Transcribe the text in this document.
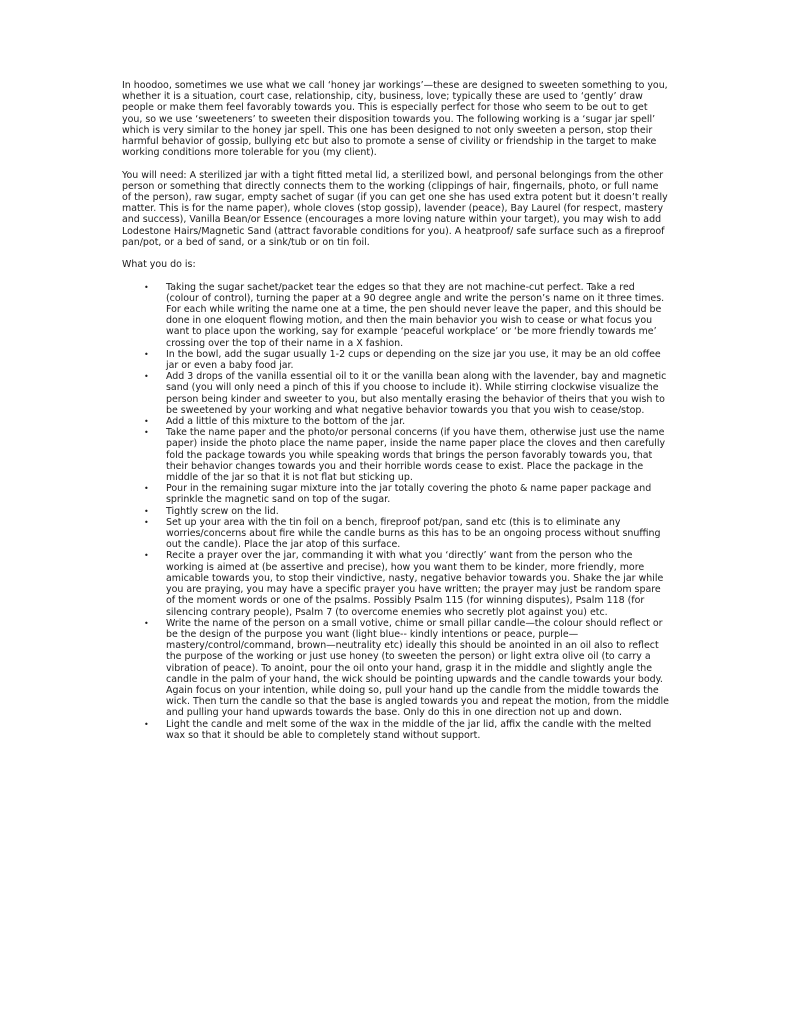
In hoodoo, sometimes we use what we call ‘honey jar workings’—these are designed to sweeten something to you, whether it is a situation, court case, relationship, city, business, love; typically these are used to ‘gently’ draw people or make them feel favorably towards you. This is especially perfect for those who seem to be out to get you, so we use ‘sweeteners’ to sweeten their disposition towards you. The following working is a ‘sugar jar spell’ which is very similar to the honey jar spell. This one has been designed to not only sweeten a person, stop their harmful behavior of gossip, bullying etc but also to promote a sense of civility or friendship in the target to make working conditions more tolerable for you (my client).

You will need: A sterilized jar with a tight fitted metal lid, a sterilized bowl, and personal belongings from the other person or something that directly connects them to the working (clippings of hair, fingernails, photo, or full name of the person), raw sugar, empty sachet of sugar (if you can get one she has used extra potent but it doesn’t really matter. This is for the name paper), whole cloves (stop gossip), lavender (peace), Bay Laurel (for respect, mastery and success), Vanilla Bean/or Essence (encourages a more loving nature within your target), you may wish to add Lodestone Hairs/Magnetic Sand (attract favorable conditions for you). A heatproof/ safe surface such as a fireproof pan/pot, or a bed of sand, or a sink/tub or on tin foil.

What you do is:

• Taking the sugar sachet/packet tear the edges so that they are not machine-cut perfect. Take a red (colour of control), turning the paper at a 90 degree angle and write the person’s name on it three times. For each while writing the name one at a time, the pen should never leave the paper, and this should be done in one eloquent flowing motion, and then the main behavior you wish to cease or what focus you want to place upon the working, say for example ‘peaceful workplace’ or ‘be more friendly towards me’ crossing over the top of their name in a X fashion.
• In the bowl, add the sugar usually 1-2 cups or depending on the size jar you use, it may be an old coffee jar or even a baby food jar.
• Add 3 drops of the vanilla essential oil to it or the vanilla bean along with the lavender, bay and magnetic sand (you will only need a pinch of this if you choose to include it). While stirring clockwise visualize the person being kinder and sweeter to you, but also mentally erasing the behavior of theirs that you wish to be sweetened by your working and what negative behavior towards you that you wish to cease/stop.
• Add a little of this mixture to the bottom of the jar.
• Take the name paper and the photo/or personal concerns (if you have them, otherwise just use the name paper) inside the photo place the name paper, inside the name paper place the cloves and then carefully fold the package towards you while speaking words that brings the person favorably towards you, that their behavior changes towards you and their horrible words cease to exist. Place the package in the middle of the jar so that it is not flat but sticking up.
• Pour in the remaining sugar mixture into the jar totally covering the photo & name paper package and sprinkle the magnetic sand on top of the sugar.
• Tightly screw on the lid.
• Set up your area with the tin foil on a bench, fireproof pot/pan, sand etc (this is to eliminate any worries/concerns about fire while the candle burns as this has to be an ongoing process without snuffing out the candle). Place the jar atop of this surface.
• Recite a prayer over the jar, commanding it with what you ‘directly’ want from the person who the working is aimed at (be assertive and precise), how you want them to be kinder, more friendly, more amicable towards you, to stop their vindictive, nasty, negative behavior towards you. Shake the jar while you are praying, you may have a specific prayer you have written; the prayer may just be random spare of the moment words or one of the psalms. Possibly Psalm 115 (for winning disputes), Psalm 118 (for silencing contrary people), Psalm 7 (to overcome enemies who secretly plot against you) etc.
• Write the name of the person on a small votive, chime or small pillar candle—the colour should reflect or be the design of the purpose you want (light blue-- kindly intentions or peace, purple—mastery/control/command, brown—neutrality etc) ideally this should be anointed in an oil also to reflect the purpose of the working or just use honey (to sweeten the person) or light extra olive oil (to carry a vibration of peace). To anoint, pour the oil onto your hand, grasp it in the middle and slightly angle the candle in the palm of your hand, the wick should be pointing upwards and the candle towards your body. Again focus on your intention, while doing so, pull your hand up the candle from the middle towards the wick. Then turn the candle so that the base is angled towards you and repeat the motion, from the middle and pulling your hand upwards towards the base. Only do this in one direction not up and down.
• Light the candle and melt some of the wax in the middle of the jar lid, affix the candle with the melted wax so that it should be able to completely stand without support.
